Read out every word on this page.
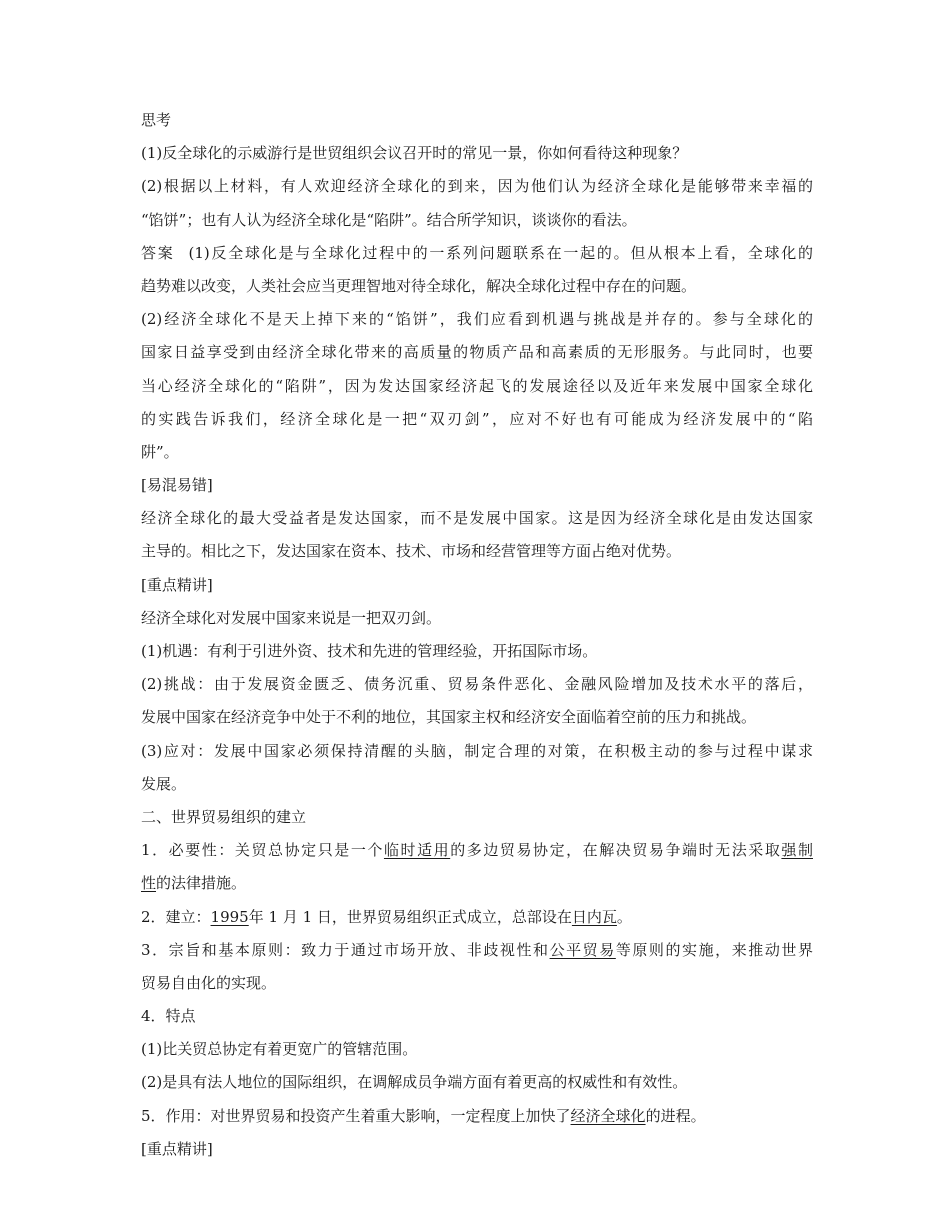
思考
(1)反全球化的示威游行是世贸组织会议召开时的常见一景，你如何看待这种现象？
(2)根据以上材料，有人欢迎经济全球化的到来，因为他们认为经济全球化是能够带来幸福的
“馅饼”；也有人认为经济全球化是“陷阱”。结合所学知识，谈谈你的看法。
答案 (1)反全球化是与全球化过程中的一系列问题联系在一起的。但从根本上看，全球化的
趋势难以改变，人类社会应当更理智地对待全球化，解决全球化过程中存在的问题。
(2)经济全球化不是天上掉下来的“馅饼”，我们应看到机遇与挑战是并存的。参与全球化的
国家日益享受到由经济全球化带来的高质量的物质产品和高素质的无形服务。与此同时，也要
当心经济全球化的“陷阱”，因为发达国家经济起飞的发展途径以及近年来发展中国家全球化
的实践告诉我们，经济全球化是一把“双刃剑”，应对不好也有可能成为经济发展中的“陷
阱”。
[易混易错]
经济全球化的最大受益者是发达国家，而不是发展中国家。这是因为经济全球化是由发达国家
主导的。相比之下，发达国家在资本、技术、市场和经营管理等方面占绝对优势。
[重点精讲]
经济全球化对发展中国家来说是一把双刃剑。
(1)机遇：有利于引进外资、技术和先进的管理经验，开拓国际市场。
(2)挑战：由于发展资金匮乏、债务沉重、贸易条件恶化、金融风险增加及技术水平的落后，
发展中国家在经济竞争中处于不利的地位，其国家主权和经济安全面临着空前的压力和挑战。
(3)应对：发展中国家必须保持清醒的头脑，制定合理的对策，在积极主动的参与过程中谋求
发展。
二、世界贸易组织的建立
1．必要性：关贸总协定只是一个临时适用的多边贸易协定，在解决贸易争端时无法采取强制
性的法律措施。
2．建立：1995年 1 月 1 日，世界贸易组织正式成立，总部设在日内瓦。
3．宗旨和基本原则：致力于通过市场开放、非歧视性和公平贸易等原则的实施，来推动世界
贸易自由化的实现。
4．特点
(1)比关贸总协定有着更宽广的管辖范围。
(2)是具有法人地位的国际组织，在调解成员争端方面有着更高的权威性和有效性。
5．作用：对世界贸易和投资产生着重大影响，一定程度上加快了经济全球化的进程。
[重点精讲]
